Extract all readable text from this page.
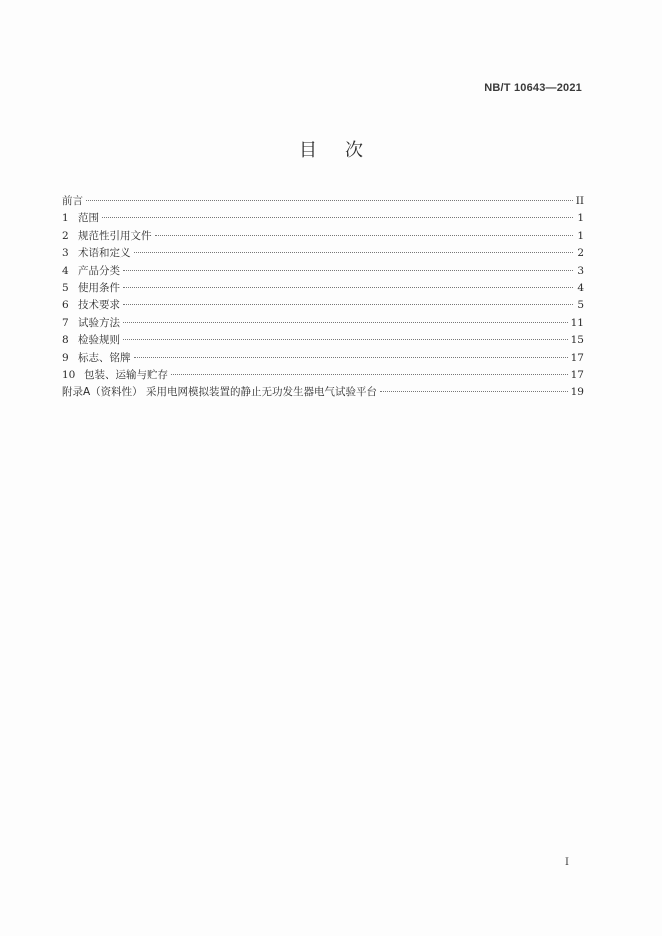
NB/T 10643—2021
目次
前言	II
1 范围	1
2 规范性引用文件	1
3 术语和定义	2
4 产品分类	3
5 使用条件	4
6 技术要求	5
7 试验方法	11
8 检验规则	15
9 标志、铭牌	17
10 包装、运输与贮存	17
附录A（资料性） 采用电网模拟装置的静止无功发生器电气试验平台	19
I
